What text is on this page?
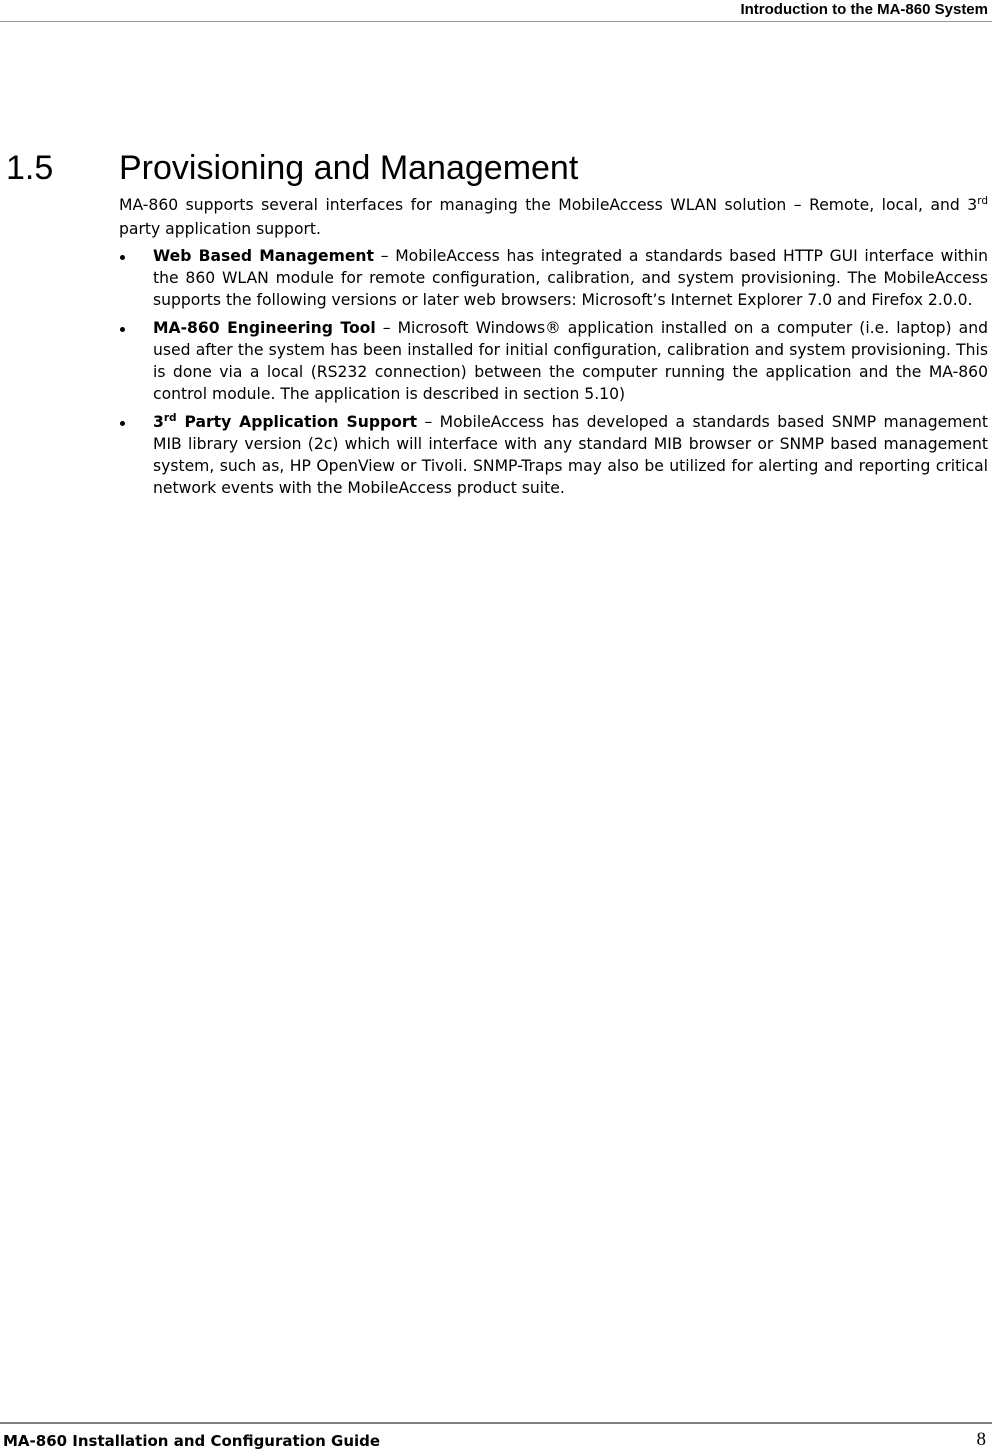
Introduction to the MA-860 System
1.5 Provisioning and Management

MA-860 supports several interfaces for managing the MobileAccess WLAN solution – Remote, local, and 3rd party application support.

Web Based Management – MobileAccess has integrated a standards based HTTP GUI interface within the 860 WLAN module for remote configuration, calibration, and system provisioning. The MobileAccess supports the following versions or later web browsers: Microsoft’s Internet Explorer 7.0 and Firefox 2.0.0.
MA-860 Engineering Tool – Microsoft Windows® application installed on a computer (i.e. laptop) and used after the system has been installed for initial configuration, calibration and system provisioning. This is done via a local (RS232 connection) between the computer running the application and the MA-860 control module. The application is described in section 5.10)
3rd Party Application Support – MobileAccess has developed a standards based SNMP management MIB library version (2c) which will interface with any standard MIB browser or SNMP based management system, such as, HP OpenView or Tivoli. SNMP-Traps may also be utilized for alerting and reporting critical network events with the MobileAccess product suite.
MA-860 Installation and Configuration Guide	8
